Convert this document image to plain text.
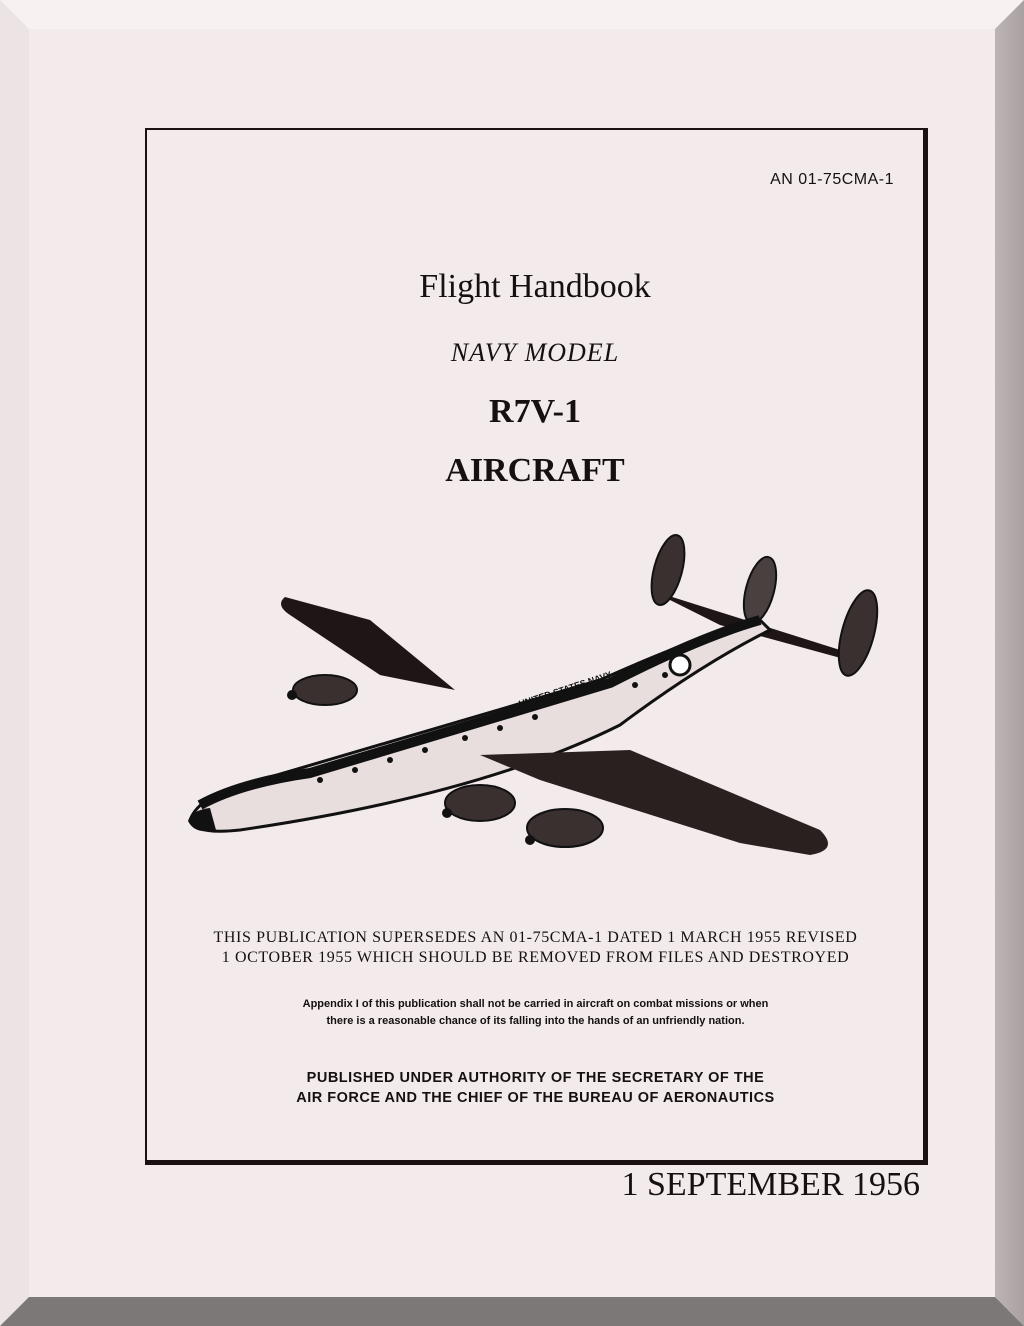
AN 01-75CMA-1
Flight Handbook
NAVY MODEL
R7V-1
AIRCRAFT
UNITED STATES NAVY
THIS PUBLICATION SUPERSEDES AN 01-75CMA-1 DATED 1 MARCH 1955 REVISED
1 OCTOBER 1955 WHICH SHOULD BE REMOVED FROM FILES AND DESTROYED
Appendix I of this publication shall not be carried in aircraft on combat missions or when
there is a reasonable chance of its falling into the hands of an unfriendly nation.
PUBLISHED UNDER AUTHORITY OF THE SECRETARY OF THE
AIR FORCE AND THE CHIEF OF THE BUREAU OF AERONAUTICS
1 SEPTEMBER 1956
